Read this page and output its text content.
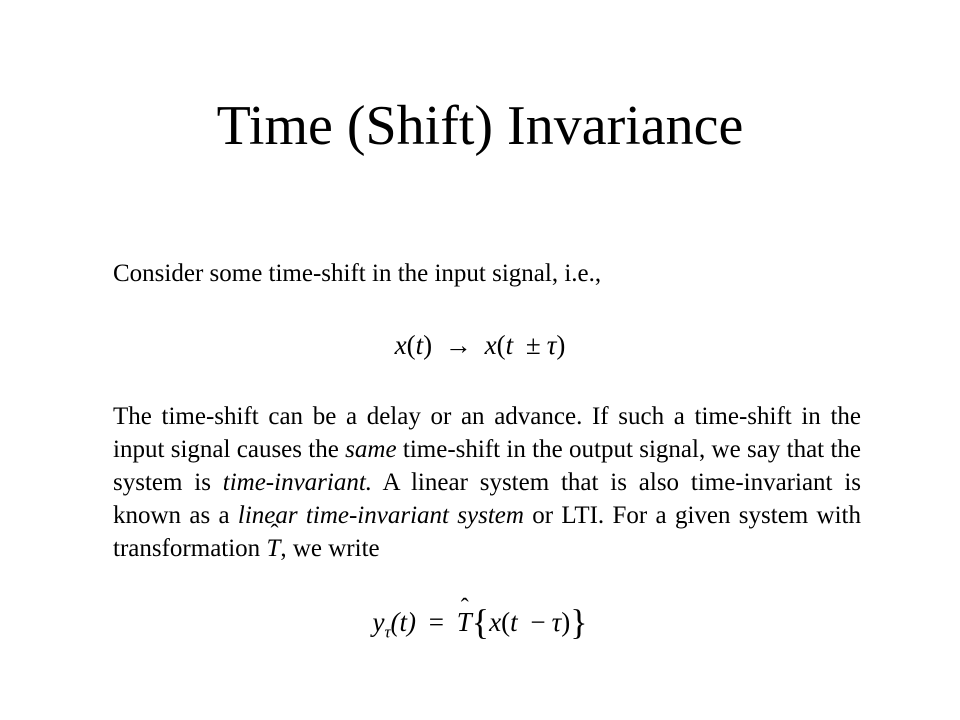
Time (Shift) Invariance
Consider some time-shift in the input signal, i.e.,
x(t) → x(t ± τ)
The time-shift can be a delay or an advance. If such a time-shift in the input signal causes the same time-shift in the output signal, we say that the system is time-invariant. A linear system that is also time-invariant is known as a linear time-invariant system or LTI. For a given system with transformation ˆ T, we write
$y_\tau(t)$ = ˆ T{x(t − τ)}
